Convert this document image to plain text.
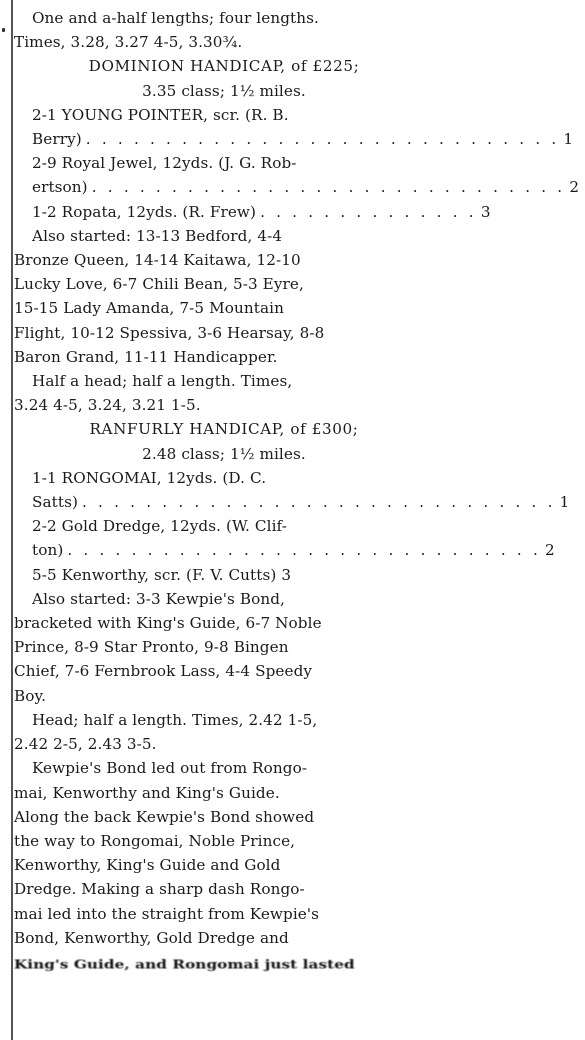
One and a-half lengths; four lengths.
Times, 3.28, 3.27 4-5, 3.30¾.
DOMINION HANDICAP, of £225;
3.35 class; 1½ miles.
2-1 YOUNG POINTER, scr. (R. B.
Berry) . . . . . . . . . . . . . . . . . . . . . . . . . . . . . . 1
2-9 Royal Jewel, 12yds. (J. G. Rob-
ertson) . . . . . . . . . . . . . . . . . . . . . . . . . . . . . . 2
1-2 Ropata, 12yds. (R. Frew) . . . . . . . . . . . . . . 3
Also started: 13-13 Bedford, 4-4
Bronze Queen, 14-14 Kaitawa, 12-10
Lucky Love, 6-7 Chili Bean, 5-3 Eyre,
15-15 Lady Amanda, 7-5 Mountain
Flight, 10-12 Spessiva, 3-6 Hearsay, 8-8
Baron Grand, 11-11 Handicapper.
Half a head; half a length. Times,
3.24 4-5, 3.24, 3.21 1-5.
RANFURLY HANDICAP, of £300;
2.48 class; 1½ miles.
1-1 RONGOMAI, 12yds. (D. C.
Satts) . . . . . . . . . . . . . . . . . . . . . . . . . . . . . . 1
2-2 Gold Dredge, 12yds. (W. Clif-
ton) . . . . . . . . . . . . . . . . . . . . . . . . . . . . . . 2
5-5 Kenworthy, scr. (F. V. Cutts) 3
Also started: 3-3 Kewpie's Bond,
bracketed with King's Guide, 6-7 Noble
Prince, 8-9 Star Pronto, 9-8 Bingen
Chief, 7-6 Fernbrook Lass, 4-4 Speedy
Boy.
Head; half a length. Times, 2.42 1-5,
2.42 2-5, 2.43 3-5.
Kewpie's Bond led out from Rongo-
mai, Kenworthy and King's Guide.
Along the back Kewpie's Bond showed
the way to Rongomai, Noble Prince,
Kenworthy, King's Guide and Gold
Dredge. Making a sharp dash Rongo-
mai led into the straight from Kewpie's
Bond, Kenworthy, Gold Dredge and
King's Guide, and Rongomai just lasted
